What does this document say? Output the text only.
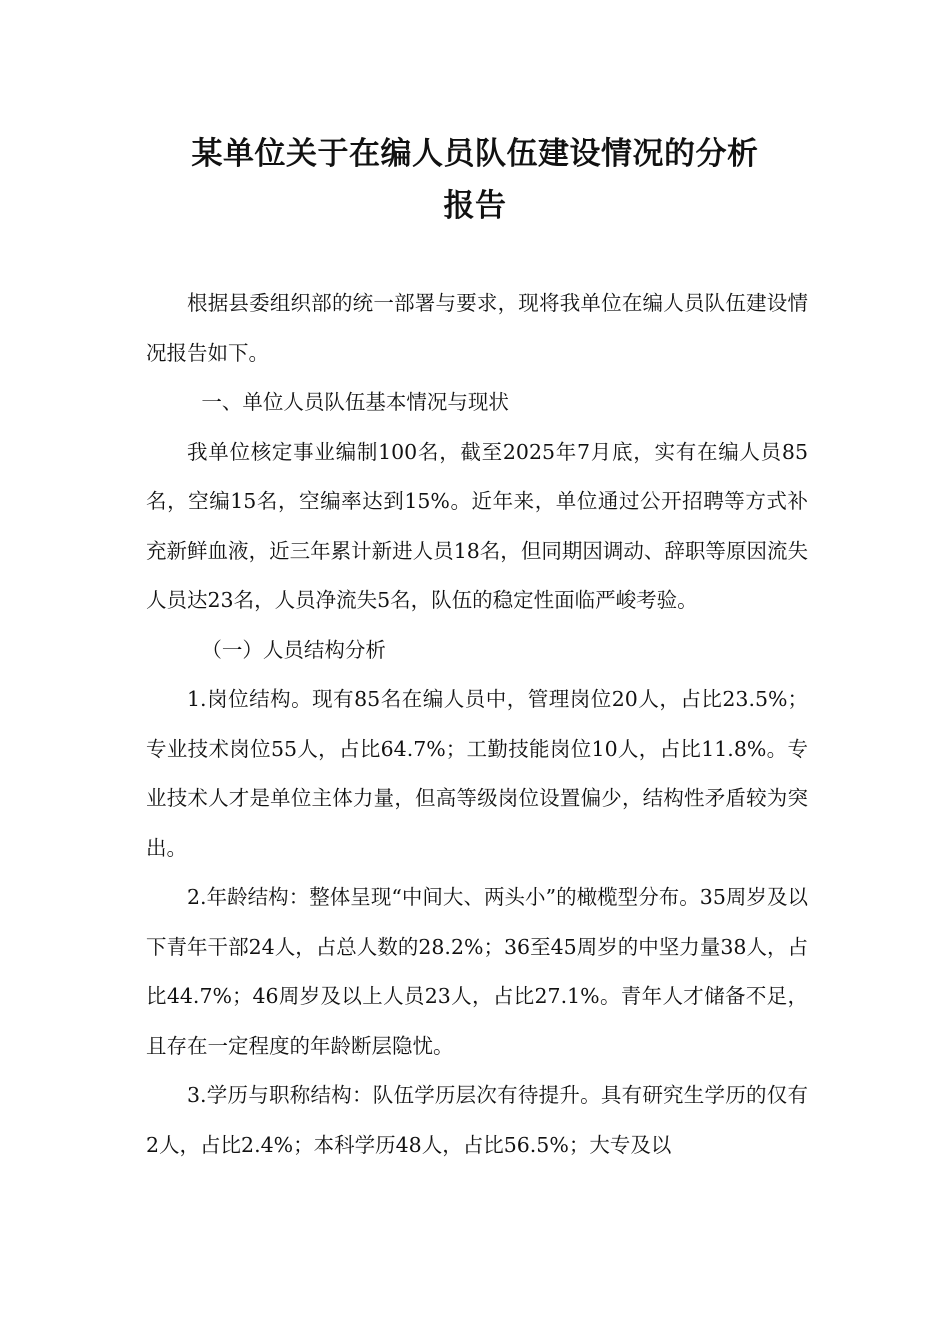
某单位关于在编人员队伍建设情况的分析
报告

根据县委组织部的统一部署与要求，现将我单位在编人员队伍建设情况报告如下。

一、单位人员队伍基本情况与现状

我单位核定事业编制100名，截至2025年7月底，实有在编人员85名，空编15名，空编率达到15%。近年来，单位通过公开招聘等方式补充新鲜血液，近三年累计新进人员18名，但同期因调动、辞职等原因流失人员达23名，人员净流失5名，队伍的稳定性面临严峻考验。

（一）人员结构分析

1.岗位结构。现有85名在编人员中，管理岗位20人，占比23.5%；专业技术岗位55人，占比64.7%；工勤技能岗位10人，占比11.8%。专业技术人才是单位主体力量，但高等级岗位设置偏少，结构性矛盾较为突出。

2.年龄结构：整体呈现“中间大、两头小”的橄榄型分布。35周岁及以下青年干部24人，占总人数的28.2%；36至45周岁的中坚力量38人，占比44.7%；46周岁及以上人员23人，占比27.1%。青年人才储备不足，且存在一定程度的年龄断层隐忧。

3.学历与职称结构：队伍学历层次有待提升。具有研究生学历的仅有2人，占比2.4%；本科学历48人，占比56.5%；大专及以
